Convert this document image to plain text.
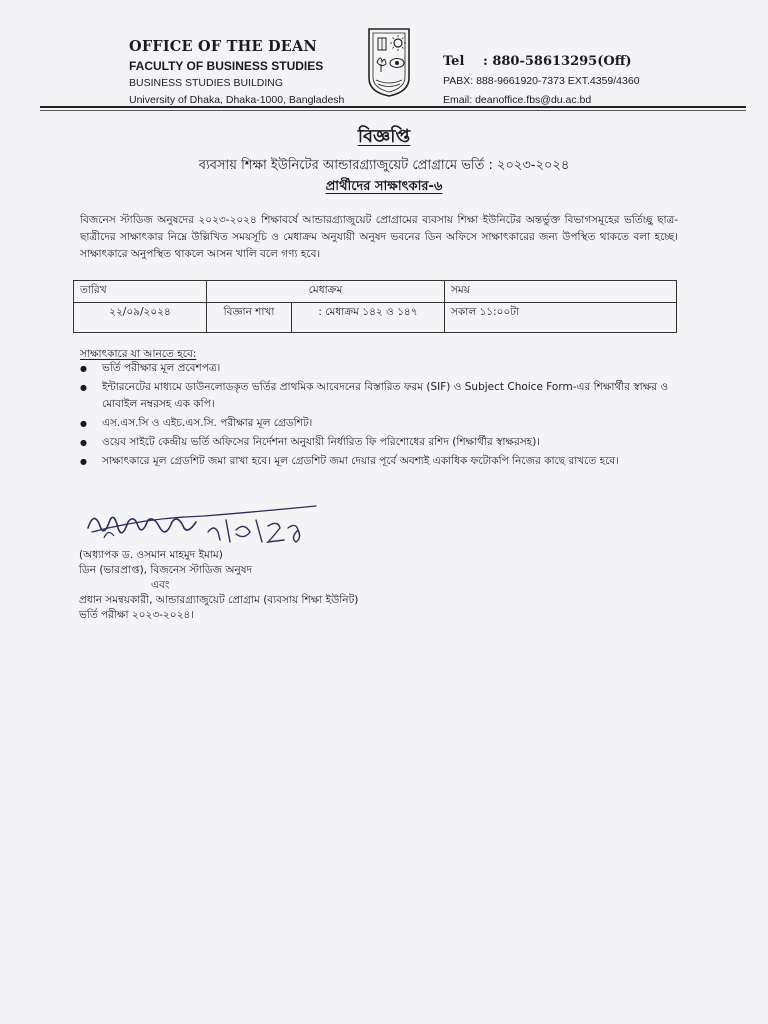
OFFICE OF THE DEAN
FACULTY OF BUSINESS STUDIES
BUSINESS STUDIES BUILDING
University of Dhaka, Dhaka-1000, Bangladesh
Tel : 880-58613295(Off)
PABX: 888-9661920-7373 EXT.4359/4360
Email: deanoffice.fbs@du.ac.bd
বিজ্ঞপ্তি
ব্যবসায় শিক্ষা ইউনিটের আন্ডারগ্র্যাজুয়েট প্রোগ্রামে ভর্তি : ২০২৩-২০২৪
প্রার্থীদের সাক্ষাৎকার-৬
বিজনেস স্টাডিজ অনুষদের ২০২৩-২০২৪ শিক্ষাবর্ষে আন্ডারগ্র্যাজুয়েট প্রোগ্রামের ব্যবসায় শিক্ষা ইউনিটের অন্তর্ভুক্ত বিভাগসমূহের ভর্তিচ্ছু ছাত্র-ছাত্রীদের সাক্ষাৎকার নিম্নে উল্লিখিত সময়সূচি ও মেধাক্রম অনুযায়ী অনুষদ ভবনের ডিন অফিসে সাক্ষাৎকারের জন্য উপস্থিত থাকতে বলা হচ্ছে। সাক্ষাৎকারে অনুপস্থিত থাকলে আসন খালি বলে গণ্য হবে।
তারিখ	মেধাক্রম		সময়
২২/০৯/২০২৪	বিজ্ঞান শাখা	: মেধাক্রম ১৪২ ও ১৪৭	সকাল ১১:০০টা
সাক্ষাৎকারে যা আনতে হবে:
● ভর্তি পরীক্ষার মূল প্রবেশপত্র।
● ইন্টারনেটের মাধ্যমে ডাউনলোডকৃত ভর্তির প্রাথমিক আবেদনের বিস্তারিত ফরম (SIF) ও Subject Choice Form-এর শিক্ষার্থীর স্বাক্ষর ও মোবাইল নম্বরসহ এক কপি।
● এস.এস.সি ও এইচ.এস.সি. পরীক্ষার মূল গ্রেডশিট।
● ওয়েব সাইটে কেন্দ্রীয় ভর্তি অফিসের নির্দেশনা অনুযায়ী নির্ধারিত ফি পরিশোধের রশিদ (শিক্ষার্থীর স্বাক্ষরসহ)।
● সাক্ষাৎকারে মূল গ্রেডশিট জমা রাখা হবে। মূল গ্রেডশিট জমা দেয়ার পূর্বে অবশ্যই একাধিক ফটোকপি নিজের কাছে রাখতে হবে।
(অধ্যাপক ড. ওসমান মাহমুদ ইমাম)
ডিন (ভারপ্রাপ্ত), বিজনেস স্টাডিজ অনুষদ
এবং
প্রধান সমন্বয়কারী, আন্ডারগ্র্যাজুয়েট প্রোগ্রাম (ব্যবসায় শিক্ষা ইউনিট)
ভর্তি পরীক্ষা ২০২৩-২০২৪।
